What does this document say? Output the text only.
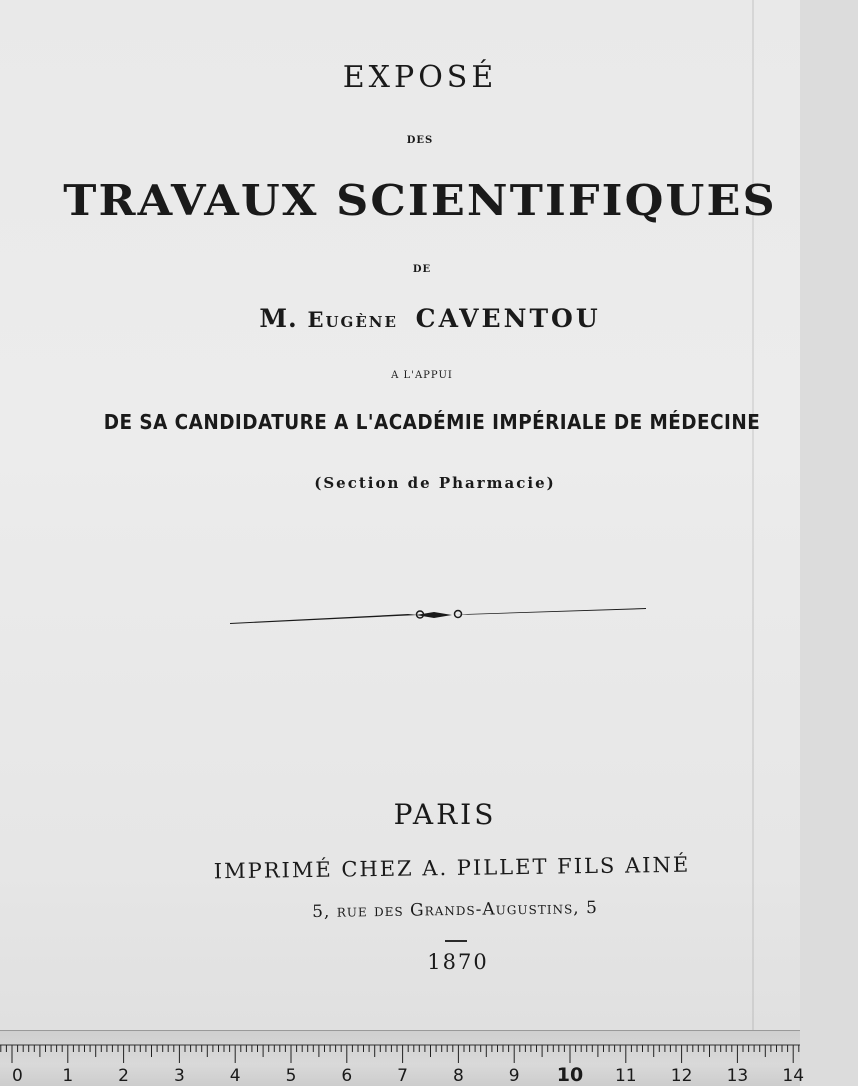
EXPOSÉ
DES
TRAVAUX SCIENTIFIQUES
DE
M. Eugène CAVENTOU
A L'APPUI
DE SA CANDIDATURE A L'ACADÉMIE IMPÉRIALE DE MÉDECINE
(Section de Pharmacie)
PARIS
IMPRIMÉ CHEZ A. PILLET FILS AINÉ
5, rue des Grands-Augustins, 5
1870
0 1	2	3	4	5	6	7	8	9 10 11 12 13 14
